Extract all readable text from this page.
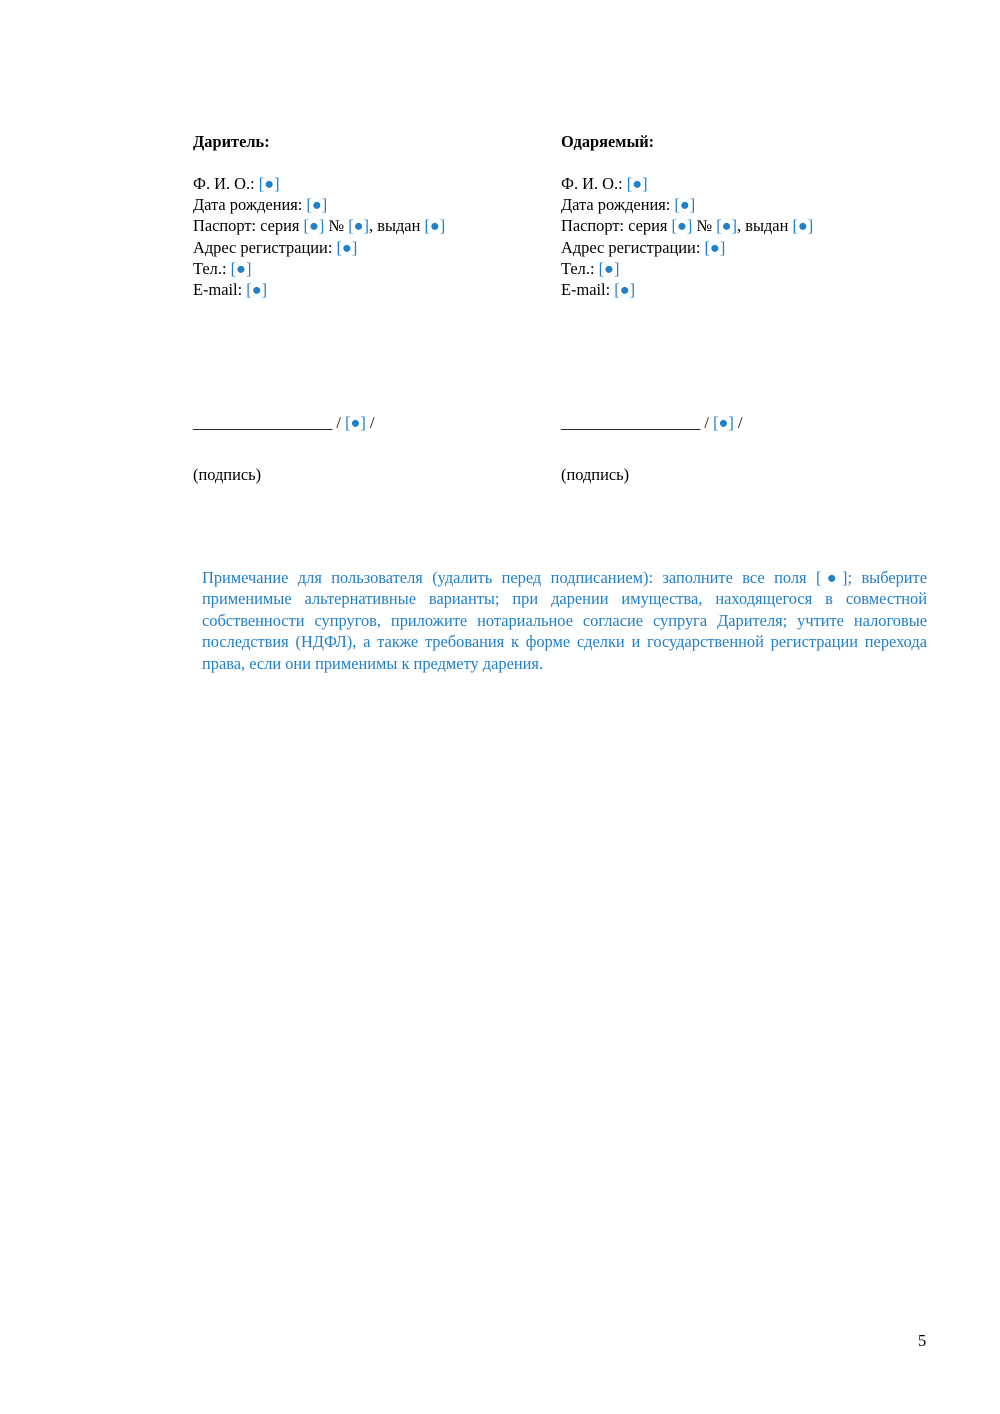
Даритель:

Ф. И. О.: [●]
Дата рождения: [●]
Паспорт: серия [●] № [●], выдан [●]
Адрес регистрации: [●]
Тел.: [●]
E-mail: [●]
_________________ / [●] /
(подпись)

Одаряемый:

Ф. И. О.: [●]
Дата рождения: [●]
Паспорт: серия [●] № [●], выдан [●]
Адрес регистрации: [●]
Тел.: [●]
E-mail: [●]
_________________ / [●] /
(подпись)
Примечание для пользователя (удалить перед подписанием): заполните все поля [●]; выберите применимые альтернативные варианты; при дарении имущества, находящегося в совместной собственности супругов, приложите нотариальное согласие супруга Дарителя; учтите налоговые последствия (НДФЛ), а также требования к форме сделки и государственной регистрации перехода права, если они применимы к предмету дарения.
5
